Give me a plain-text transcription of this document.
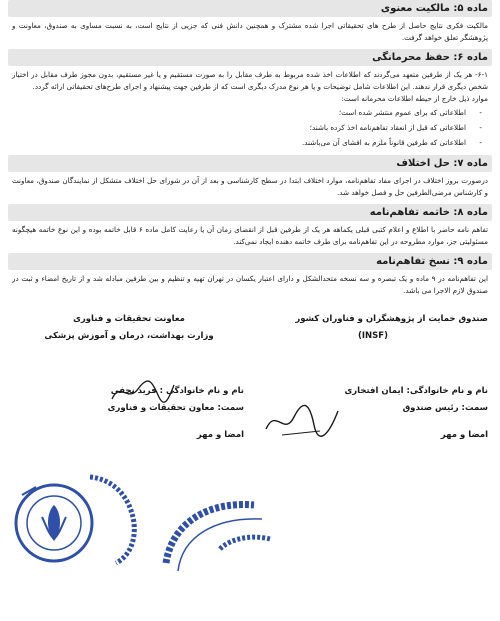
ماده ۵: مالکیت معنوی

مالکیت فکری نتایج حاصل از طرح های تحقیقاتی اجرا شده مشترک و همچنین دانش فنی که جزیی از نتایج است، به نسبت مساوی به صندوق، معاونت و پژوهشگر تعلق خواهد گرفت.

ماده ۶: حفظ محرمانگی

۶-۱- هر یک از طرفین متعهد می‌گردند که اطلاعات اخذ شده مربوط به طرف مقابل را به صورت مستقیم و یا غیر مستقیم، بدون مجوز طرف مقابل در اختیار شخص دیگری قرار ندهند. این اطلاعات شامل توضیحات و یا هر نوع مدرک دیگری است که از طرفین جهت پیشنهاد و اجرای طرح‌های تحقیقاتی ارائه گردد.

موارد ذیل خارج از حیطه اطلاعات محرمانه است:

- اطلاعاتی که برای عموم منتشر شده است؛
- اطلاعاتی که قبل از انعقاد تفاهم‌نامه اخذ کرده باشند؛
- اطلاعاتی که طرفین قانوناً ملزم به افشای آن می‌باشند.
ماده ۷: حل اختلاف

درصورت بروز اختلاف در اجرای مفاد تفاهم‌نامه، موارد اختلاف ابتدا در سطح کارشناسی و بعد از آن در شورای حل اختلاف متشکل از نمایندگان صندوق، معاونت و کارشناس مرضی‌الطرفین حل و فصل خواهد شد.

ماده ۸: خاتمه تفاهم‌نامه

تفاهم نامه حاضر با اطلاع و اعلام کتبی قبلی یکماهه هر یک از طرفین قبل از انقضای زمان آن یا رعایت کامل ماده ۶ قابل خاتمه بوده و این نوع خاتمه هیچگونه مسئولیتی جز، موارد مطروحه در این تفاهم‌نامه برای طرف خاتمه دهنده ایجاد نمی‌کند.

ماده ۹: نسخ تفاهم‌نامه

این تفاهم‌نامه در ۹ ماده و یک تبصره و سه نسخه متحدالشکل و دارای اعتبار یکسان در تهران تهیه و تنظیم و بین طرفین مبادله شد و از تاریخ امضاء و ثبت در صندوق لازم الاجرا می باشد.

صندوق حمایت از پژوهشگران و فناوران کشور
(INSF)
نام و نام خانوادگی: ایمان افتخاری
سمت: رئیس صندوق
امضا و مهر
معاونت تحقیقات و فناوری
وزارت بهداشت، درمان و آموزش پزشکی
نام و نام خانوادگی : فرید نجفی
سمت: معاون تحقیقات و فناوری
امضا و مهر
